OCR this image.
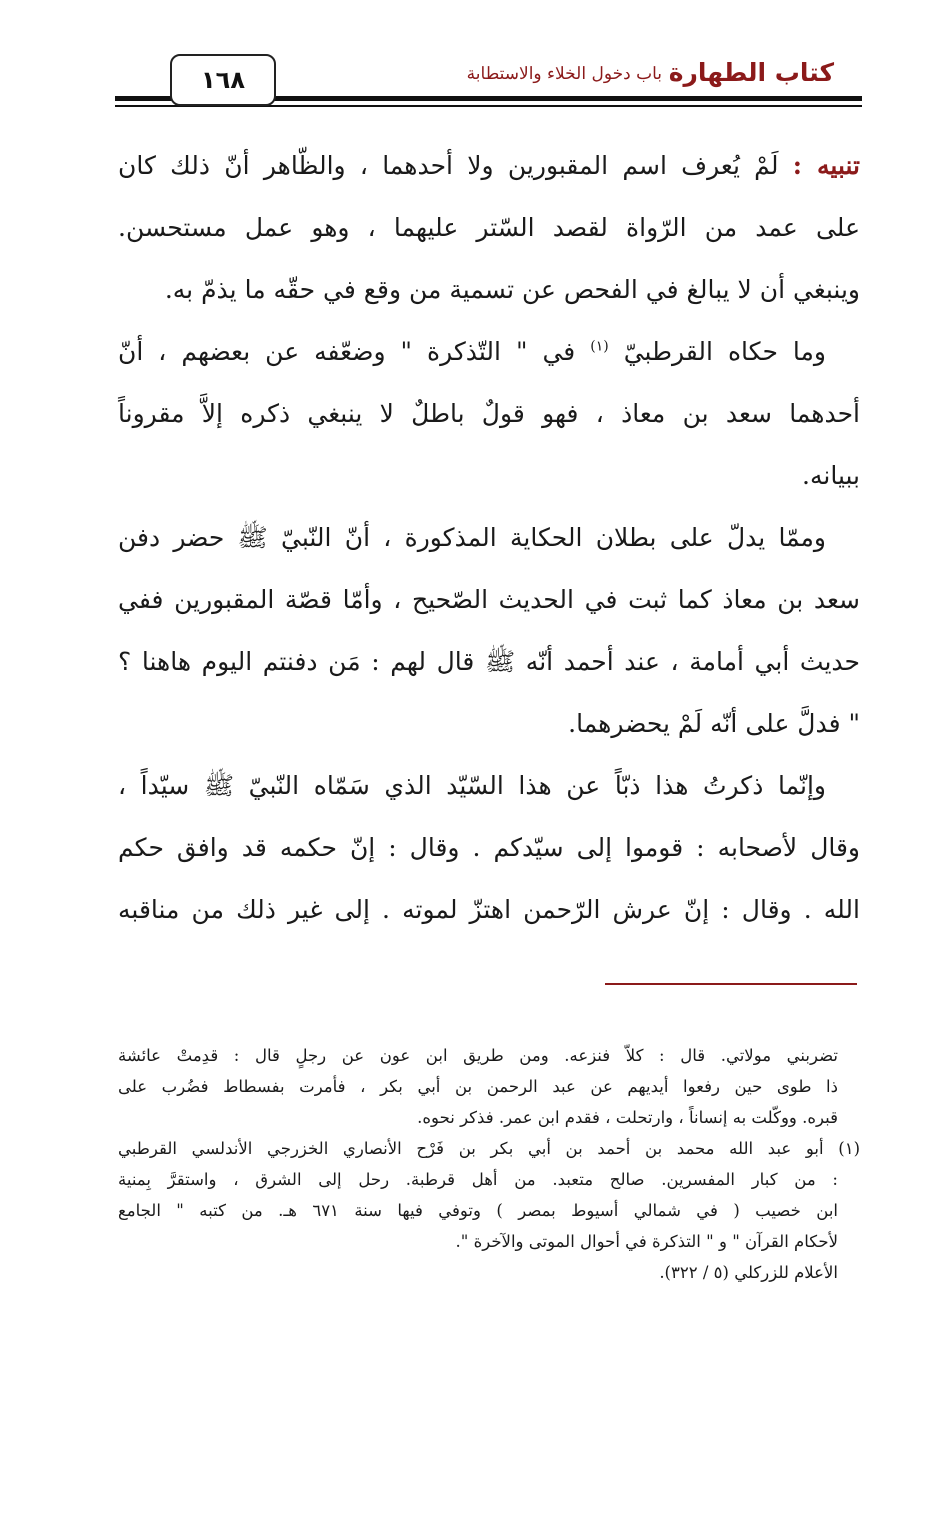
كتاب الطهارة
باب دخول الخلاء والاستطابة
١٦٨
تنبيه : لَمْ يُعرف اسم المقبورين ولا أحدهما ، والظّاهر أنّ ذلك كان
على عمد من الرّواة لقصد السّتر عليهما ، وهو عمل مستحسن.
وينبغي أن لا يبالغ في الفحص عن تسمية من وقع في حقّه ما يذمّ به.
وما حكاه القرطبيّ $^{(١)}$ في " التّذكرة " وضعّفه عن بعضهم ، أنّ
أحدهما سعد بن معاذ ، فهو قولٌ باطلٌ لا ينبغي ذكره إلاَّ مقروناً
ببيانه.
وممّا يدلّ على بطلان الحكاية المذكورة ، أنّ النّبيّ ﷺ حضر دفن
سعد بن معاذ كما ثبت في الحديث الصّحيح ، وأمّا قصّة المقبورين ففي
حديث أبي أمامة ، عند أحمد أنّه ﷺ قال لهم : مَن دفنتم اليوم هاهنا ؟
" فدلَّ على أنّه لَمْ يحضرهما.
وإنّما ذكرتُ هذا ذبّاً عن هذا السّيّد الذي سَمّاه النّبيّ ﷺ سيّداً ،
وقال لأصحابه : قوموا إلى سيّدكم . وقال : إنّ حكمه قد وافق حكم
الله . وقال : إنّ عرش الرّحمن اهتزّ لموته . إلى غير ذلك من مناقبه
تضربني مولاتي. قال : كلاّ فنزعه. ومن طريق ابن عون عن رجلٍ قال : قدِمتْ عائشة
ذا طوى حين رفعوا أيديهم عن عبد الرحمن بن أبي بكر ، فأمرت بفسطاط فضُرب على
قبره. ووكّلت به إنساناً ، وارتحلت ، فقدم ابن عمر. فذكر نحوه.
(١) أبو عبد الله محمد بن أحمد بن أبي بكر بن فَرْح الأنصاري الخزرجي الأندلسي القرطبي
: من كبار المفسرين. صالح متعبد. من أهل قرطبة. رحل إلى الشرق ، واستقرَّ بِمنية
ابن خصيب ( في شمالي أسيوط بمصر ) وتوفي فيها سنة ٦٧١ هـ. من كتبه " الجامع
لأحكام القرآن " و " التذكرة في أحوال الموتى والآخرة ".
الأعلام للزركلي (٥ / ٣٢٢).
